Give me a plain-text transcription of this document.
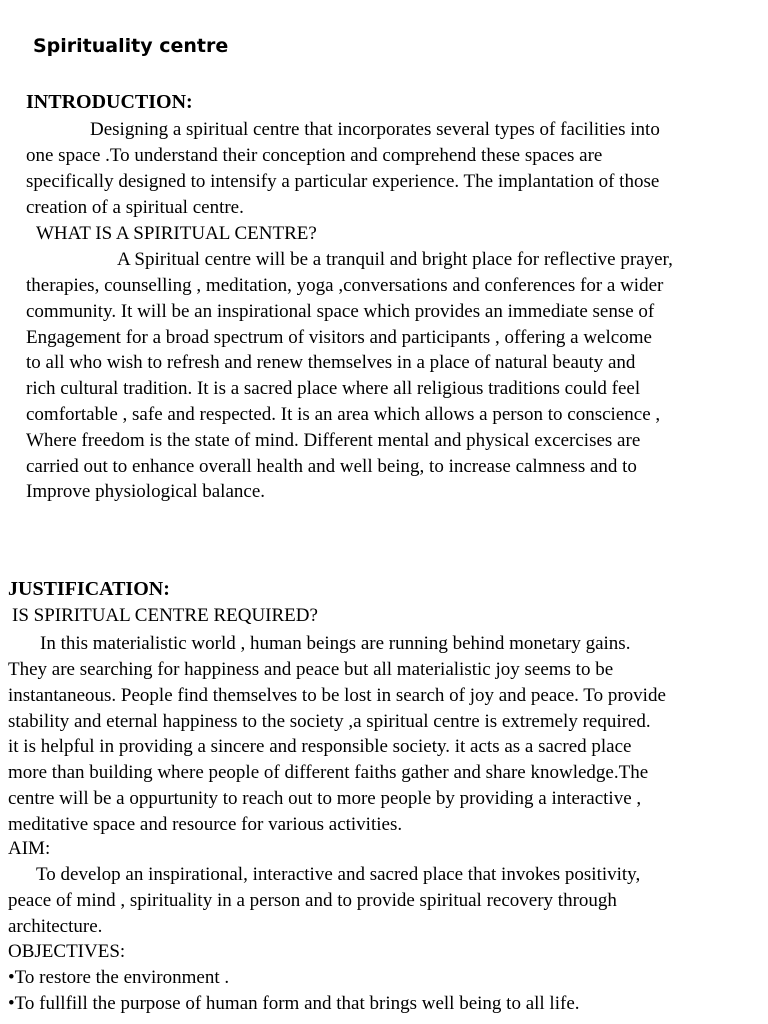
Spirituality centre
INTRODUCTION:
Designing a spiritual centre that incorporates several types of facilities into
one space .To understand their conception and comprehend these spaces are
specifically designed to intensify a particular experience. The implantation of those
creation of a spiritual centre.
WHAT IS A SPIRITUAL CENTRE?
A Spiritual centre will be a tranquil and bright place for reflective prayer,
therapies, counselling , meditation, yoga ,conversations and conferences for a wider
community. It will be an inspirational space which provides an immediate sense of
Engagement for a broad spectrum of visitors and participants , offering a welcome
to all who wish to refresh and renew themselves in a place of natural beauty and
rich cultural tradition. It is a sacred place where all religious traditions could feel
comfortable , safe and respected. It is an area which allows a person to conscience ,
Where freedom is the state of mind. Different mental and physical excercises are
carried out to enhance overall health and well being, to increase calmness and to
Improve physiological balance.
JUSTIFICATION:
IS SPIRITUAL CENTRE REQUIRED?
In this materialistic world , human beings are running behind monetary gains.
They are searching for happiness and peace but all materialistic joy seems to be
instantaneous. People find themselves to be lost in search of joy and peace. To provide
stability and eternal happiness to the society ,a spiritual centre is extremely required.
it is helpful in providing a sincere and responsible society. it acts as a sacred place
more than building where people of different faiths gather and share knowledge.The
centre will be a oppurtunity to reach out to more people by providing a interactive ,
meditative space and resource for various activities.
AIM:
To develop an inspirational, interactive and sacred place that invokes positivity,
peace of mind , spirituality in a person and to provide spiritual recovery through
architecture.
OBJECTIVES:
•To restore the environment .
•To fullfill the purpose of human form and that brings well being to all life.
